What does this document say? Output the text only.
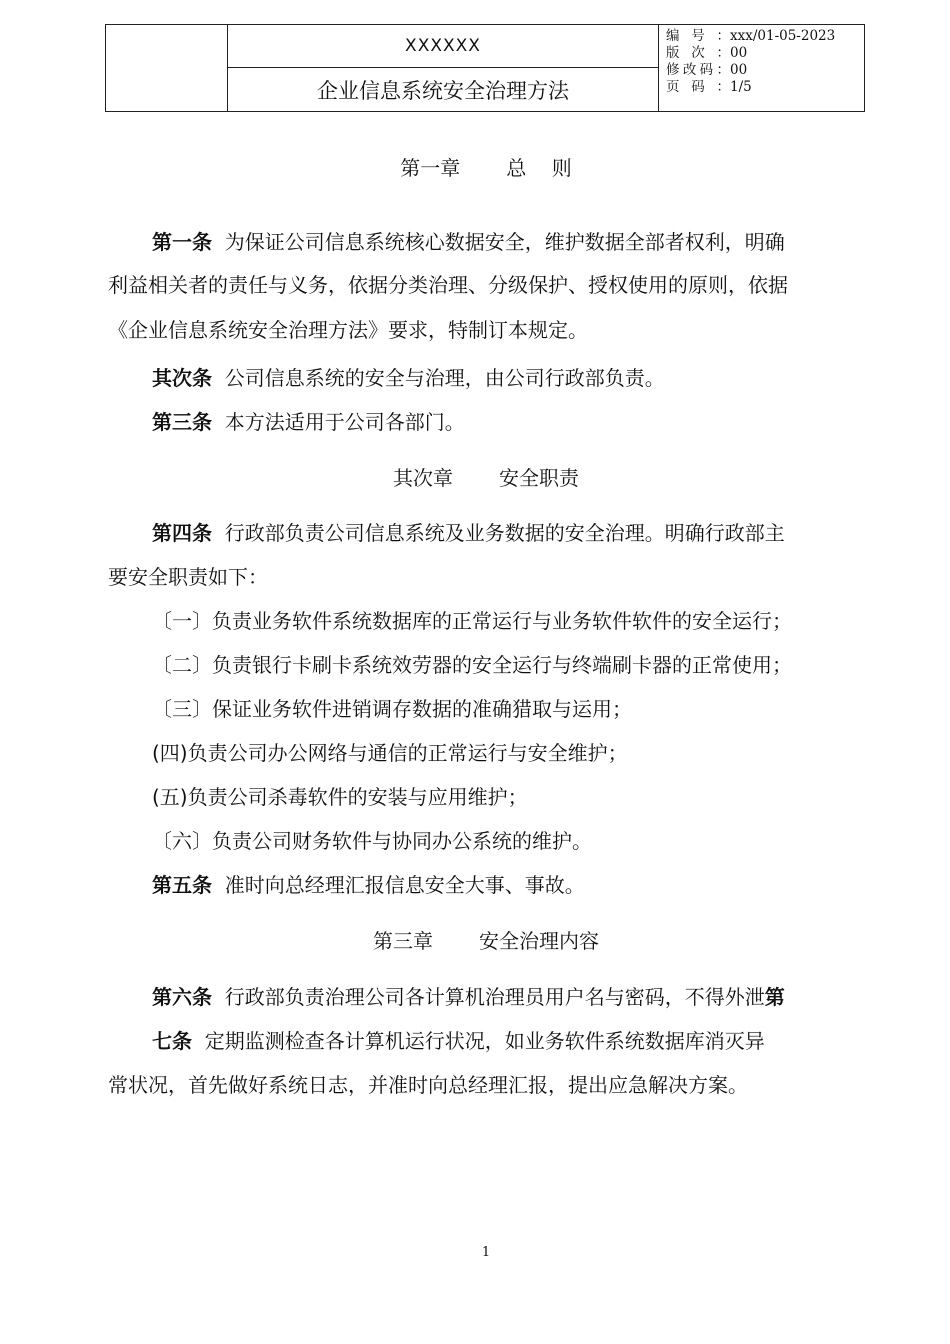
XXXXXX
企业信息系统安全治理方法
编号： xxx/01-05-2023
版次： 00
修改码： 00
页码： 1/5
第一章 总    则
第一条 为保证公司信息系统核心数据安全，维护数据全部者权利，明确
利益相关者的责任与义务，依据分类治理、分级保护、授权使用的原则，依据
《企业信息系统安全治理方法》要求，特制订本规定。
其次条 公司信息系统的安全与治理，由公司行政部负责。
第三条 本方法适用于公司各部门。
其次章 安全职责
第四条 行政部负责公司信息系统及业务数据的安全治理。明确行政部主
要安全职责如下：
〔一〕负责业务软件系统数据库的正常运行与业务软件软件的安全运行；
〔二〕负责银行卡刷卡系统效劳器的安全运行与终端刷卡器的正常使用；
〔三〕保证业务软件进销调存数据的准确猎取与运用；
(四)负责公司办公网络与通信的正常运行与安全维护；
(五)负责公司杀毒软件的安装与应用维护；
〔六〕负责公司财务软件与协同办公系统的维护。
第五条 准时向总经理汇报信息安全大事、事故。
第三章 安全治理内容
第六条 行政部负责治理公司各计算机治理员用户名与密码，不得外泄第
七条 定期监测检查各计算机运行状况，如业务软件系统数据库消灭异
常状况，首先做好系统日志，并准时向总经理汇报，提出应急解决方案。
1
